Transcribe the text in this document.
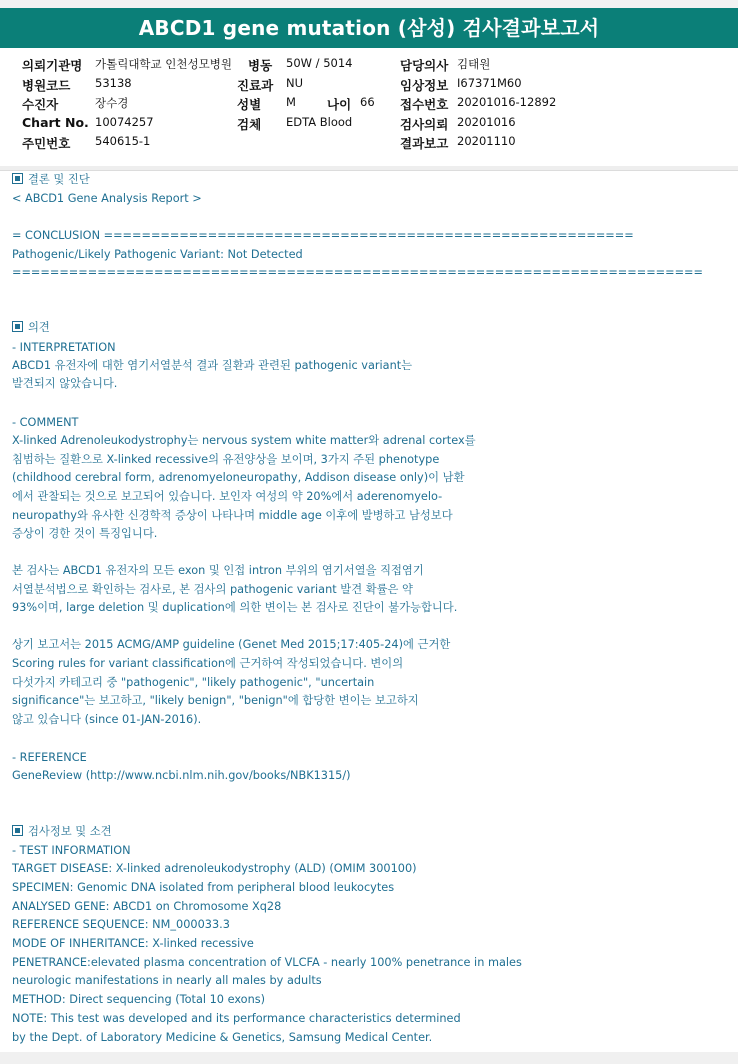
ABCD1 gene mutation (삼성) 검사결과보고서
의뢰기관명 가톨릭대학교 인천성모병원
병원코드 53138
수진자	장수경
Chart No. 10074257
주민번호 540615-1
병동 50W / 5014
진료과 NU
성별 M 나이 66
검체 EDTA Blood
담당의사 김태원
임상정보 I67371M60
접수번호 20201016-12892
검사의뢰 20201016
결과보고 20201110
결론 및 진단
< ABCD1 Gene Analysis Report >
= CONCLUSION ========================================================
Pathogenic/Likely Pathogenic Variant: Not Detected
=========================================================================
의견
- INTERPRETATION
ABCD1 유전자에 대한 염기서열분석 결과 질환과 관련된 pathogenic variant는
발견되지 않았습니다.
- COMMENT
X-linked Adrenoleukodystrophy는 nervous system white matter와 adrenal cortex를
침범하는 질환으로 X-linked recessive의 유전양상을 보이며, 3가지 주된 phenotype
(childhood cerebral form, adrenomyeloneuropathy, Addison disease only)이 남환
에서 관찰되는 것으로 보고되어 있습니다. 보인자 여성의 약 20%에서 aderenomyelo-
neuropathy와 유사한 신경학적 증상이 나타나며 middle age 이후에 발병하고 남성보다
증상이 경한 것이 특징입니다.
본 검사는 ABCD1 유전자의 모든 exon 및 인접 intron 부위의 염기서열을 직접염기
서열분석법으로 확인하는 검사로, 본 검사의 pathogenic variant 발견 확률은 약
93%이며, large deletion 및 duplication에 의한 변이는 본 검사로 진단이 불가능합니다.
상기 보고서는 2015 ACMG/AMP guideline (Genet Med 2015;17:405-24)에 근거한
Scoring rules for variant classification에 근거하여 작성되었습니다. 변이의
다섯가지 카테고리 중 "pathogenic", "likely pathogenic", "uncertain
significance"는 보고하고, "likely benign", "benign"에 합당한 변이는 보고하지
않고 있습니다 (since 01-JAN-2016).
- REFERENCE
GeneReview (http://www.ncbi.nlm.nih.gov/books/NBK1315/)
검사정보 및 소견
- TEST INFORMATION
TARGET DISEASE: X-linked adrenoleukodystrophy (ALD) (OMIM 300100)
SPECIMEN: Genomic DNA isolated from peripheral blood leukocytes
ANALYSED GENE: ABCD1 on Chromosome Xq28
REFERENCE SEQUENCE: NM_000033.3
MODE OF INHERITANCE: X-linked recessive
PENETRANCE:elevated plasma concentration of VLCFA - nearly 100% penetrance in males
neurologic manifestations in nearly all males by adults
METHOD: Direct sequencing (Total 10 exons)
NOTE: This test was developed and its performance characteristics determined
by the Dept. of Laboratory Medicine & Genetics, Samsung Medical Center.
